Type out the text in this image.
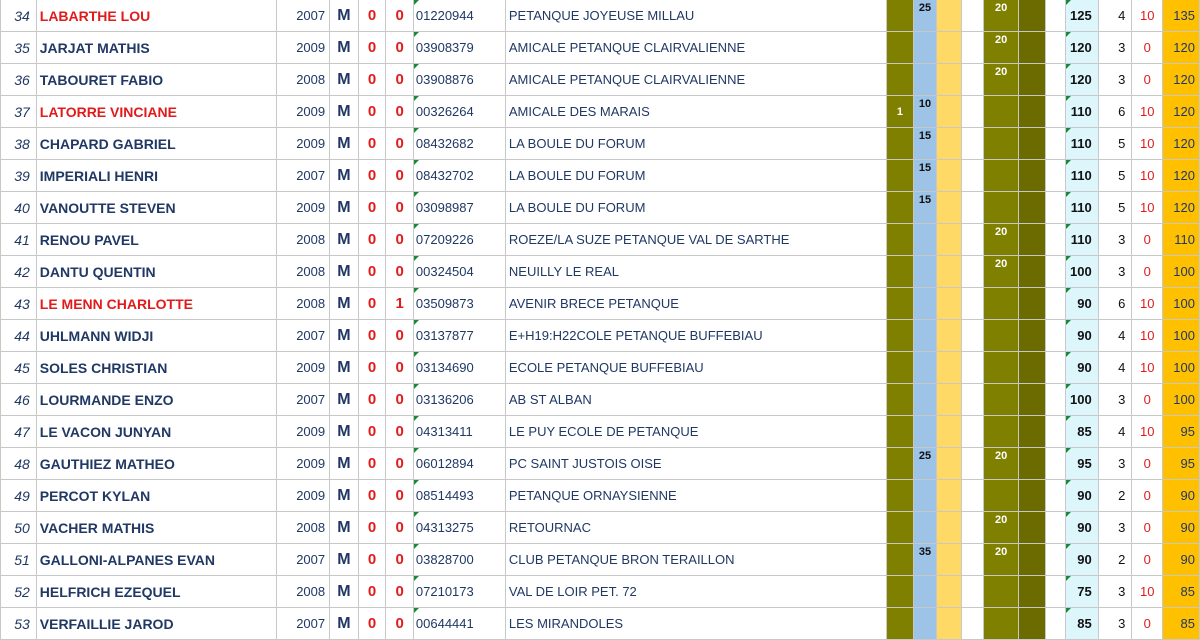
34	LABARTHE LOU	2007	M	0	0	01220944	PETANQUE JOYEUSE MILLAU		25			20			125	4	10	135
35	JARJAT MATHIS	2009	M	0	0	03908379	AMICALE PETANQUE CLAIRVALIENNE					20			120	3	0	120
36	TABOURET FABIO	2008	M	0	0	03908876	AMICALE PETANQUE CLAIRVALIENNE					20			120	3	0	120
37	LATORRE VINCIANE	2009	M	0	0	00326264	AMICALE DES MARAIS	1	10						110	6	10	120
38	CHAPARD GABRIEL	2009	M	0	0	08432682	LA BOULE DU FORUM		15						110	5	10	120
39	IMPERIALI HENRI	2007	M	0	0	08432702	LA BOULE DU FORUM		15						110	5	10	120
40	VANOUTTE STEVEN	2009	M	0	0	03098987	LA BOULE DU FORUM		15						110	5	10	120
41	RENOU PAVEL	2008	M	0	0	07209226	ROEZE/LA SUZE PETANQUE VAL DE SARTHE					20			110	3	0	110
42	DANTU QUENTIN	2008	M	0	0	00324504	NEUILLY LE REAL					20			100	3	0	100
43	LE MENN CHARLOTTE	2008	M	0	1	03509873	AVENIR BRECE PETANQUE								90	6	10	100
44	UHLMANN WIDJI	2007	M	0	0	03137877	E+H19:H22COLE PETANQUE BUFFEBIAU								90	4	10	100
45	SOLES CHRISTIAN	2009	M	0	0	03134690	ECOLE PETANQUE BUFFEBIAU								90	4	10	100
46	LOURMANDE ENZO	2007	M	0	0	03136206	AB ST ALBAN								100	3	0	100
47	LE VACON JUNYAN	2009	M	0	0	04313411	LE PUY ECOLE DE PETANQUE								85	4	10	95
48	GAUTHIEZ MATHEO	2009	M	0	0	06012894	PC SAINT JUSTOIS OISE		25			20			95	3	0	95
49	PERCOT KYLAN	2009	M	0	0	08514493	PETANQUE ORNAYSIENNE								90	2	0	90
50	VACHER MATHIS	2008	M	0	0	04313275	RETOURNAC					20			90	3	0	90
51	GALLONI-ALPANES EVAN	2007	M	0	0	03828700	CLUB PETANQUE BRON TERAILLON		35			20			90	2	0	90
52	HELFRICH EZEQUEL	2008	M	0	0	07210173	VAL DE LOIR PET. 72								75	3	10	85
53	VERFAILLIE JAROD	2007	M	0	0	00644441	LES MIRANDOLES								85	3	0	85
